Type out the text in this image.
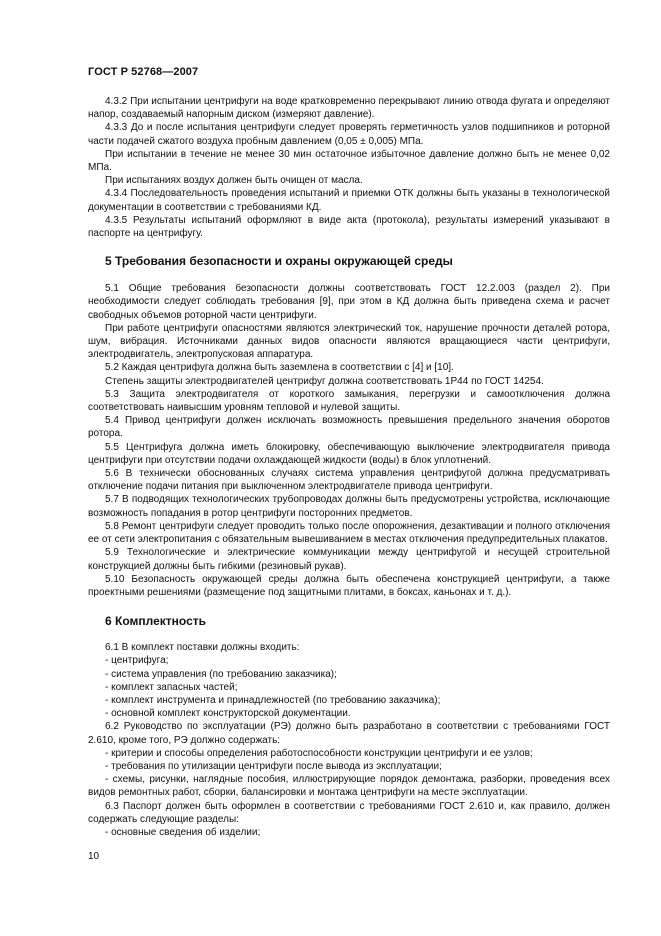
ГОСТ Р 52768—2007

4.3.2 При испытании центрифуги на воде кратковременно перекрывают линию отвода фугата и определяют напор, создаваемый напорным диском (измеряют давление).

4.3.3 До и после испытания центрифуги следует проверять герметичность узлов подшипников и роторной части подачей сжатого воздуха пробным давлением (0,05 ± 0,005) МПа.

При испытании в течение не менее 30 мин остаточное избыточное давление должно быть не менее 0,02 МПа.

При испытаниях воздух должен быть очищен от масла.

4.3.4 Последовательность проведения испытаний и приемки ОТК должны быть указаны в технологической документации в соответствии с требованиями КД.

4.3.5 Результаты испытаний оформляют в виде акта (протокола), результаты измерений указывают в паспорте на центрифугу.

5 Требования безопасности и охраны окружающей среды

5.1 Общие требования безопасности должны соответствовать ГОСТ 12.2.003 (раздел 2). При необходимости следует соблюдать требования [9], при этом в КД должна быть приведена схема и расчет свободных объемов роторной части центрифуги.

При работе центрифуги опасностями являются электрический ток, нарушение прочности деталей ротора, шум, вибрация. Источниками данных видов опасности являются вращающиеся части центрифуги, электродвигатель, электропусковая аппаратура.

5.2 Каждая центрифуга должна быть заземлена в соответствии с [4] и [10].

Степень защиты электродвигателей центрифуг должна соответствовать 1Р44 по ГОСТ 14254.

5.3 Защита электродвигателя от короткого замыкания, перегрузки и самоотключения должна соответствовать наивысшим уровням тепловой и нулевой защиты.

5.4 Привод центрифуги должен исключать возможность превышения предельного значения оборотов ротора.

5.5 Центрифуга должна иметь блокировку, обеспечивающую выключение электродвигателя привода центрифуги при отсутствии подачи охлаждающей жидкости (воды) в блок уплотнений.

5.6 В технически обоснованных случаях система управления центрифугой должна предусматривать отключение подачи питания при выключенном электродвигателе привода центрифуги.

5.7 В подводящих технологических трубопроводах должны быть предусмотрены устройства, исключающие возможность попадания в ротор центрифуги посторонних предметов.

5.8 Ремонт центрифуги следует проводить только после опорожнения, дезактивации и полного отключения ее от сети электропитания с обязательным вывешиванием в местах отключения предупредительных плакатов.

5.9 Технологические и электрические коммуникации между центрифугой и несущей строительной конструкцией должны быть гибкими (резиновый рукав).

5.10 Безопасность окружающей среды должна быть обеспечена конструкцией центрифуги, а также проектными решениями (размещение под защитными плитами, в боксах, каньонах и т. д.).

6 Комплектность

6.1 В комплект поставки должны входить:

- центрифуга;

- система управления (по требованию заказчика);

- комплект запасных частей;

- комплект инструмента и принадлежностей (по требованию заказчика);

- основной комплект конструкторской документации.

6.2 Руководство по эксплуатации (РЭ) должно быть разработано в соответствии с требованиями ГОСТ 2.610, кроме того, РЭ должно содержать:

- критерии и способы определения работоспособности конструкции центрифуги и ее узлов;

- требования по утилизации центрифуги после вывода из эксплуатации;

- схемы, рисунки, наглядные пособия, иллюстрирующие порядок демонтажа, разборки, проведения всех видов ремонтных работ, сборки, балансировки и монтажа центрифуги на месте эксплуатации.

6.3 Паспорт должен быть оформлен в соответствии с требованиями ГОСТ 2.610 и, как правило, должен содержать следующие разделы:

- основные сведения об изделии;

10
